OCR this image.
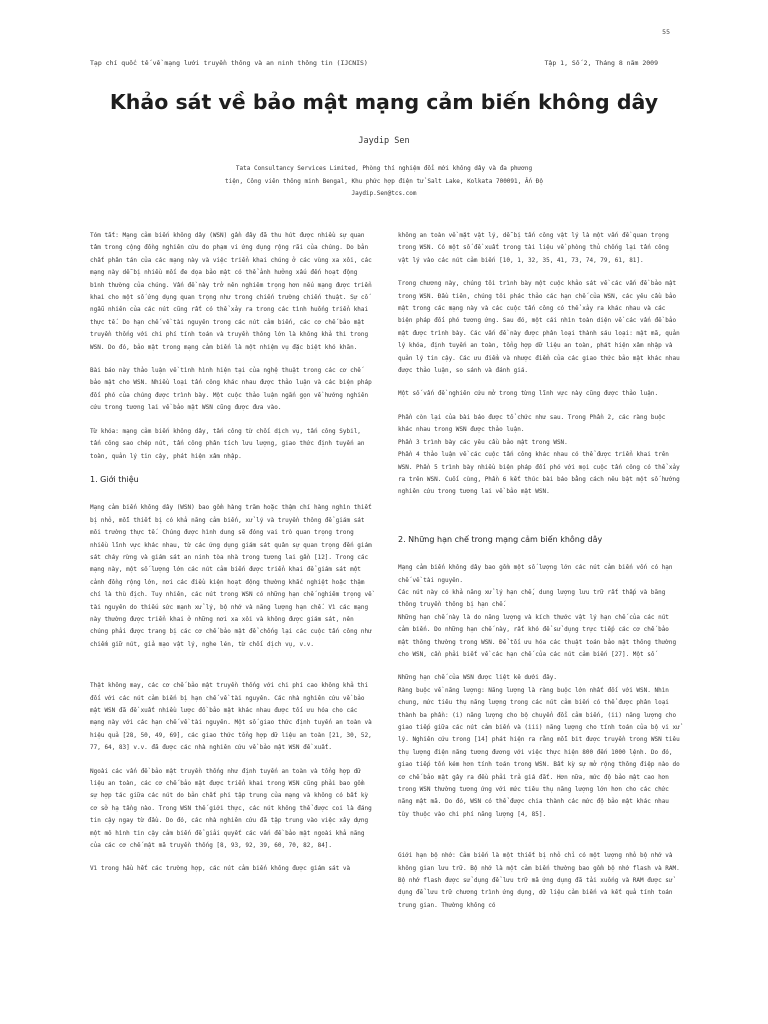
55
Tạp chí quốc tế về mạng lưới truyền thông và an ninh thông tin (IJCNIS)	Tập 1, Số 2, Tháng 8 năm 2009
Khảo sát về bảo mật mạng cảm biến không dây
Jaydip Sen
Tata Consultancy Services Limited, Phòng thí nghiệm đổi mới không dây và đa phương
tiện, Công viên thông minh Bengal, Khu phức hợp điện tử Salt Lake, Kolkata 700091, Ấn Độ
Jaydip.Sen@tcs.com

Tóm tắt: Mạng cảm biến không dây (WSN) gần đây đã thu hút được nhiều sự quan tâm trong cộng đồng nghiên cứu do phạm vi ứng dụng rộng rãi của chúng. Do bản chất phân tán của các mạng này và việc triển khai chúng ở các vùng xa xôi, các mạng này dễ bị nhiều mối đe dọa bảo mật có thể ảnh hưởng xấu đến hoạt động bình thường của chúng. Vấn đề này trở nên nghiêm trọng hơn nếu mạng được triển khai cho một số ứng dụng quan trọng như trong chiến trường chiến thuật. Sự cố ngẫu nhiên của các nút cũng rất có thể xảy ra trong các tình huống triển khai thực tế. Do hạn chế về tài nguyên trong các nút cảm biến, các cơ chế bảo mật truyền thống với chi phí tính toán và truyền thông lớn là không khả thi trong WSN. Do đó, bảo mật trong mạng cảm biến là một nhiệm vụ đặc biệt khó khăn.

Bài báo này thảo luận về tình hình hiện tại của nghệ thuật trong các cơ chế bảo mật cho WSN. Nhiều loại tấn công khác nhau được thảo luận và các biện pháp đối phó của chúng được trình bày. Một cuộc thảo luận ngắn gọn về hướng nghiên cứu trong tương lai về bảo mật WSN cũng được đưa vào.

Từ khóa: mạng cảm biến không dây, tấn công từ chối dịch vụ, tấn công Sybil, tấn công sao chép nút, tấn công phân tích lưu lượng, giao thức định tuyến an toàn, quản lý tin cậy, phát hiện xâm nhập.

1. Giới thiệu

Mạng cảm biến không dây (WSN) bao gồm hàng trăm hoặc thậm chí hàng nghìn thiết bị nhỏ, mỗi thiết bị có khả năng cảm biến, xử lý và truyền thông để giám sát môi trường thực tế. Chúng được hình dung sẽ đóng vai trò quan trọng trong nhiều lĩnh vực khác nhau, từ các ứng dụng giám sát quân sự quan trọng đến giám sát cháy rừng và giám sát an ninh tòa nhà trong tương lai gần [12]. Trong các mạng này, một số lượng lớn các nút cảm biến được triển khai để giám sát một cảnh đồng rộng lớn, nơi các điều kiện hoạt động thường khắc nghiệt hoặc thậm chí là thù địch. Tuy nhiên, các nút trong WSN có những hạn chế nghiêm trọng về tài nguyên do thiếu sức mạnh xử lý, bộ nhớ và năng lượng hạn chế. Vì các mạng này thường được triển khai ở những nơi xa xôi và không được giám sát, nên chúng phải được trang bị các cơ chế bảo mật để chống lại các cuộc tấn công như chiếm giữ nút, giả mạo vật lý, nghe lén, từ chối dịch vụ, v.v.

Thật không may, các cơ chế bảo mật truyền thống với chi phí cao không khả thi đối với các nút cảm biến bị hạn chế về tài nguyên. Các nhà nghiên cứu về bảo mật WSN đã đề xuất nhiều lược đồ bảo mật khác nhau được tối ưu hóa cho các mạng này với các hạn chế về tài nguyên. Một số giao thức định tuyến an toàn và hiệu quả [28, 50, 49, 69], các giao thức tổng hợp dữ liệu an toàn [21, 30, 52, 77, 64, 83] v.v. đã được các nhà nghiên cứu về bảo mật WSN đề xuất.

Ngoài các vấn đề bảo mật truyền thống như định tuyến an toàn và tổng hợp dữ liệu an toàn, các cơ chế bảo mật được triển khai trong WSN cũng phải bao gồm sự hợp tác giữa các nút do bản chất phi tập trung của mạng và không có bất kỳ cơ sở hạ tầng nào. Trong WSN thế giới thực, các nút không thể được coi là đáng tin cậy ngay từ đầu. Do đó, các nhà nghiên cứu đã tập trung vào việc xây dựng một mô hình tin cậy cảm biến để giải quyết các vấn đề bảo mật ngoài khả năng của các cơ chế mật mã truyền thống [8, 93, 92, 39, 60, 70, 82, 84].

Vì trong hầu hết các trường hợp, các nút cảm biến không được giám sát và

không an toàn về mặt vật lý, dễ bị tấn công vật lý là một vấn đề quan trọng trong WSN. Có một số đề xuất trong tài liệu về phòng thủ chống lại tấn công vật lý vào các nút cảm biến [10, 1, 32, 35, 41, 73, 74, 79, 61, 81].

Trong chương này, chúng tôi trình bày một cuộc khảo sát về các vấn đề bảo mật trong WSN. Đầu tiên, chúng tôi phác thảo các hạn chế của WSN, các yêu cầu bảo mật trong các mạng này và các cuộc tấn công có thể xảy ra khác nhau và các biện pháp đối phó tương ứng. Sau đó, một cái nhìn toàn diện về các vấn đề bảo mật được trình bày. Các vấn đề này được phân loại thành sáu loại: mật mã, quản lý khóa, định tuyến an toàn, tổng hợp dữ liệu an toàn, phát hiện xâm nhập và quản lý tin cậy. Các ưu điểm và nhược điểm của các giao thức bảo mật khác nhau được thảo luận, so sánh và đánh giá.

Một số vấn đề nghiên cứu mở trong từng lĩnh vực này cũng được thảo luận.

Phần còn lại của bài báo được tổ chức như sau. Trong Phần 2, các ràng buộc khác nhau trong WSN được thảo luận.

Phần 3 trình bày các yêu cầu bảo mật trong WSN.

Phần 4 thảo luận về các cuộc tấn công khác nhau có thể được triển khai trên WSN. Phần 5 trình bày nhiều biện pháp đối phó với mọi cuộc tấn công có thể xảy ra trên WSN. Cuối cùng, Phần 6 kết thúc bài báo bằng cách nêu bật một số hướng nghiên cứu trong tương lai về bảo mật WSN.

2. Những hạn chế trong mạng cảm biến không dây

Mạng cảm biến không dây bao gồm một số lượng lớn các nút cảm biến vốn có hạn chế về tài nguyên.

Các nút này có khả năng xử lý hạn chế, dung lượng lưu trữ rất thấp và băng thông truyền thông bị hạn chế.

Những hạn chế này là do năng lượng và kích thước vật lý hạn chế của các nút cảm biến. Do những hạn chế này, rất khó để sử dụng trực tiếp các cơ chế bảo mật thông thường trong WSN. Để tối ưu hóa các thuật toán bảo mật thông thường cho WSN, cần phải biết về các hạn chế của các nút cảm biến [27]. Một số

Những hạn chế của WSN được liệt kê dưới đây.

Ràng buộc về năng lượng: Năng lượng là ràng buộc lớn nhất đối với WSN. Nhìn chung, mức tiêu thụ năng lượng trong các nút cảm biến có thể được phân loại thành ba phần: (i) năng lượng cho bộ chuyển đổi cảm biến, (ii) năng lượng cho giao tiếp giữa các nút cảm biến và (iii) năng lượng cho tính toán của bộ vi xử lý. Nghiên cứu trong [14] phát hiện ra rằng mỗi bit được truyền trong WSN tiêu thụ lượng điện năng tương đương với việc thực hiện 800 đến 1000 lệnh. Do đó, giao tiếp tốn kém hơn tính toán trong WSN. Bất kỳ sự mở rộng thông điệp nào do cơ chế bảo mật gây ra đều phải trả giá đắt. Hơn nữa, mức độ bảo mật cao hơn trong WSN thường tương ứng với mức tiêu thụ năng lượng lớn hơn cho các chức năng mật mã. Do đó, WSN có thể được chia thành các mức độ bảo mật khác nhau tùy thuộc vào chi phí năng lượng [4, 85].

Giới hạn bộ nhớ: Cảm biến là một thiết bị nhỏ chỉ có một lượng nhỏ bộ nhớ và không gian lưu trữ. Bộ nhớ là một cảm biến thường bao gồm bộ nhớ flash và RAM. Bộ nhớ flash được sử dụng để lưu trữ mã ứng dụng đã tải xuống và RAM được sử dụng để lưu trữ chương trình ứng dụng, dữ liệu cảm biến và kết quả tính toán trung gian. Thường không có
